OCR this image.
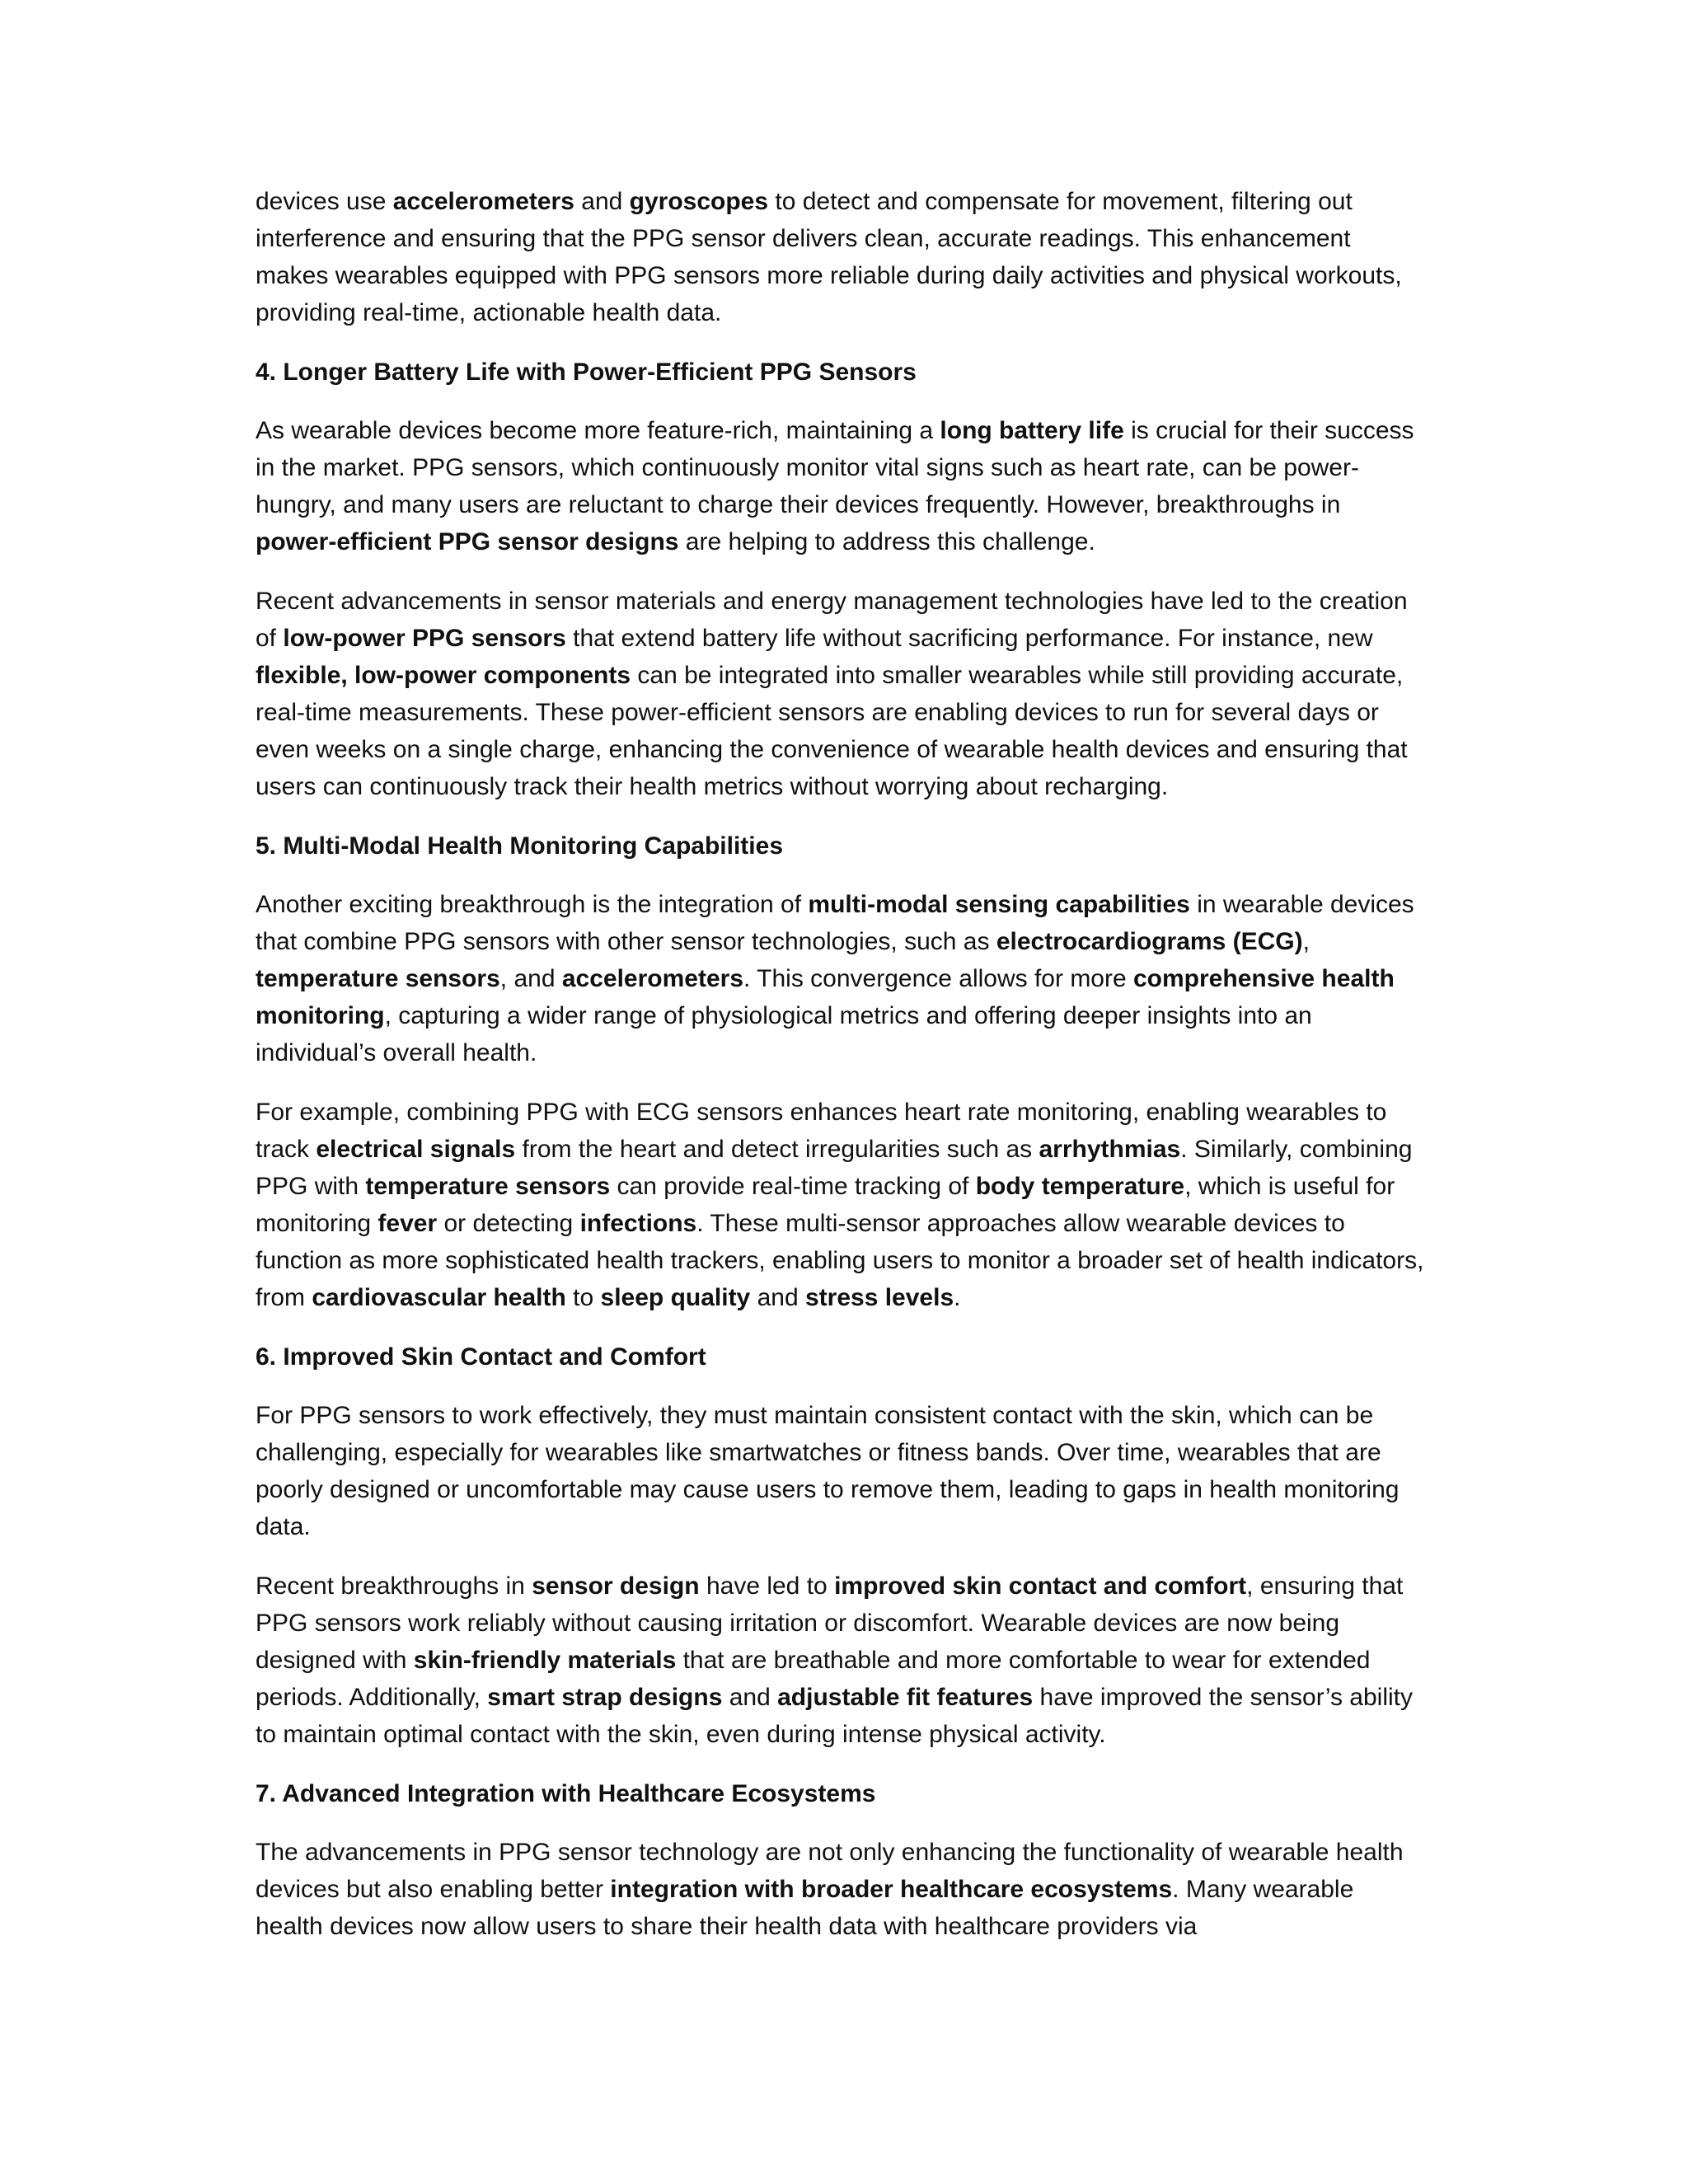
devices use accelerometers and gyroscopes to detect and compensate for movement, filtering out interference and ensuring that the PPG sensor delivers clean, accurate readings. This enhancement makes wearables equipped with PPG sensors more reliable during daily activities and physical workouts, providing real-time, actionable health data.

4. Longer Battery Life with Power-Efficient PPG Sensors

As wearable devices become more feature-rich, maintaining a long battery life is crucial for their success in the market. PPG sensors, which continuously monitor vital signs such as heart rate, can be power-hungry, and many users are reluctant to charge their devices frequently. However, breakthroughs in power-efficient PPG sensor designs are helping to address this challenge.

Recent advancements in sensor materials and energy management technologies have led to the creation of low-power PPG sensors that extend battery life without sacrificing performance. For instance, new flexible, low-power components can be integrated into smaller wearables while still providing accurate, real-time measurements. These power-efficient sensors are enabling devices to run for several days or even weeks on a single charge, enhancing the convenience of wearable health devices and ensuring that users can continuously track their health metrics without worrying about recharging.

5. Multi-Modal Health Monitoring Capabilities

Another exciting breakthrough is the integration of multi-modal sensing capabilities in wearable devices that combine PPG sensors with other sensor technologies, such as electrocardiograms (ECG), temperature sensors, and accelerometers. This convergence allows for more comprehensive health monitoring, capturing a wider range of physiological metrics and offering deeper insights into an individual’s overall health.

For example, combining PPG with ECG sensors enhances heart rate monitoring, enabling wearables to track electrical signals from the heart and detect irregularities such as arrhythmias. Similarly, combining PPG with temperature sensors can provide real-time tracking of body temperature, which is useful for monitoring fever or detecting infections. These multi-sensor approaches allow wearable devices to function as more sophisticated health trackers, enabling users to monitor a broader set of health indicators, from cardiovascular health to sleep quality and stress levels.

6. Improved Skin Contact and Comfort

For PPG sensors to work effectively, they must maintain consistent contact with the skin, which can be challenging, especially for wearables like smartwatches or fitness bands. Over time, wearables that are poorly designed or uncomfortable may cause users to remove them, leading to gaps in health monitoring data.

Recent breakthroughs in sensor design have led to improved skin contact and comfort, ensuring that PPG sensors work reliably without causing irritation or discomfort. Wearable devices are now being designed with skin-friendly materials that are breathable and more comfortable to wear for extended periods. Additionally, smart strap designs and adjustable fit features have improved the sensor’s ability to maintain optimal contact with the skin, even during intense physical activity.

7. Advanced Integration with Healthcare Ecosystems

The advancements in PPG sensor technology are not only enhancing the functionality of wearable health devices but also enabling better integration with broader healthcare ecosystems. Many wearable health devices now allow users to share their health data with healthcare providers via
